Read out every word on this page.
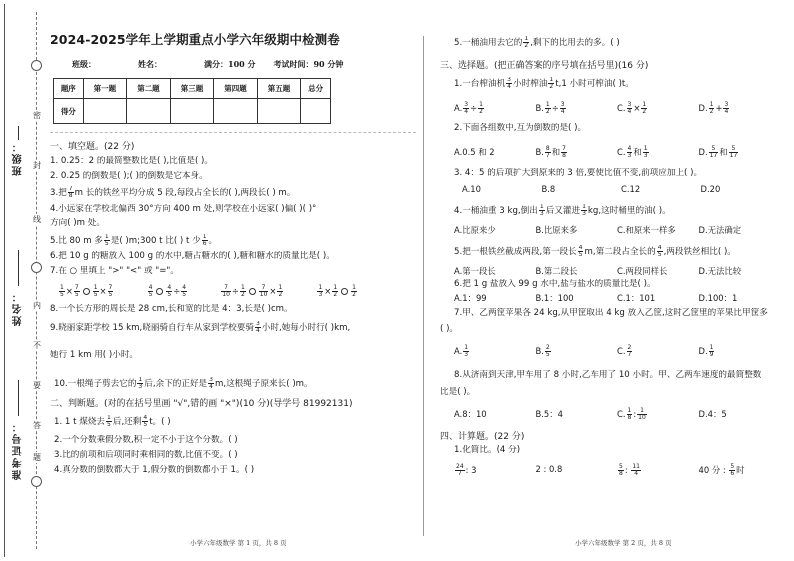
密
封
线
内
不
要
答
题
班级：
姓名：
准考证号：
2024-2025学年上学期重点小学六年级期中检测卷
班级：	姓名：	满分：100 分 考试时间：90 分钟
题序	第一题	第二题	第三题	第四题	第五题	总分
得分						
一、填空题。(22 分)
1. 0.25：2 的最简整数比是( ),比值是( )。
2. 0.25 的倒数是( );( )的倒数是它本身。
3.把 $\frac{7}{8}$ m 长的铁丝平均分成 5 段,每段占全长的( ),两段长( ) m。
4.小远家在学校北偏西 30°方向 400 m 处,则学校在小远家( )偏( )( )°
方向( )m 处。
5.比 80 m 多 $\frac{1}{5}$ 是( )m;300 t 比( ) t 少 $\frac{1}{6}$ 。
6.把 10 g 的糖放入 100 g 的水中,糖占糖水的( ),糖和糖水的质量比是( )。
7.在 ○ 里填上 ">" "<" 或 "="。
$\frac{1}{5} \times \frac{7}{5} \frac{1}{5} \times \frac{7}{5}$	$\frac{4}{5} \frac{4}{5} \div \frac{4}{5}$	$\frac{7}{10} \div \frac{1}{2} \frac{7}{10} \times \frac{1}{2}$	$\frac{1}{3} \times \frac{1}{2} \frac{1}{2}$
8.一个长方形的周长是 28 cm,长和宽的比是 4：3,长是( )cm。
9.晓丽家距学校 15 km,晓丽骑自行车从家到学校要骑 $\frac{3}{4}$ 小时,她每小时行( )km,
她行 1 km 用( )小时。
10.一根绳子剪去它的 $\frac{1}{3}$ 后,余下的正好是 $\frac{3}{4} m$,这根绳子原来长( )m。
二、判断题。(对的在括号里画 "√",错的画 "×")(10 分)(导学号 81992131)
1. 1 t 煤烧去 $\frac{1}{5}$ 后,还剩 $\frac{4}{5}$ t。( )
2.一个分数乘假分数,积一定不小于这个分数。( )
3.比的前项和后项同时乘相同的数,比值不变。( )
4.真分数的倒数都大于 1,假分数的倒数都小于 1。( )
小学六年级数学 第 1 页，共 8 页
5.一桶油用去它的 $\frac{1}{2}$ ,剩下的比用去的多。( )
三、选择题。(把正确答案的序号填在括号里)(16 分)
1.一台榨油机 $\frac{3}{4}$ 小时榨油 $\frac{1}{2} t,1$ 小时可榨油( )t。
A. $\frac{3}{4} \div \frac{1}{2}$	B. $\frac{1}{2} \div \frac{3}{4}$	C. $\frac{3}{4} \times \frac{1}{2}$	D. $\frac{1}{2} + \frac{3}{4}$
2.下面各组数中,互为倒数的是( )。
A.0.5 和 2	B. $\frac{8}{7}$ 和 $\frac{7}{8}$	C. $\frac{4}{3}$ 和 $\frac{1}{3}$	D. $\frac{5}{17}$ 和 $\frac{5}{17}$
3. 4：5 的后项扩大到原来的 3 倍,要使比值不变,前项应加上( )。
A.10	B.8	C.12	D.20
4.一桶油重 3 kg,倒出 $\frac{1}{3}$ 后又灌进 $\frac{1}{3}$ kg,这时桶里的油( )。
A.比原来少	B.比原来多	C.和原来一样多	D.无法确定
5.把一根铁丝截成两段,第一段长 $\frac{4}{5} m$,第二段占全长的 $\frac{4}{5}$ ,两段铁丝相比( )。
A.第一段长	B.第二段长	C.两段同样长	D.无法比较
6.把 1 g 盐放入 99 g 水中,盐与盐水的质量比是( )。
A.1：99	B.1：100	C.1：101	D.100：1
7.甲、乙两筐苹果各 24 kg,从甲筐取出 4 kg 放入乙筐,这时乙筐里的苹果比甲筐多
( )。
A. $\frac{1}{3}$	B. $\frac{2}{5}$	C. $\frac{2}{7}$	D. $\frac{1}{9}$
8.从济南到天津,甲车用了 8 小时,乙车用了 10 小时。甲、乙两车速度的最简整数
比是( )。
A.8：10	B.5：4	C. $\frac{1}{8}$ : $\frac{1}{10}$	D.4：5
四、计算题。(22 分)
1.化简比。(4 分)
$\frac{24}{7}$ : 3	2 : 0.8	$\frac{5}{8}$ : $\frac{11}{4}$	40 分 : $\frac{5}{6}$ 时
小学六年级数学 第 2 页，共 8 页
